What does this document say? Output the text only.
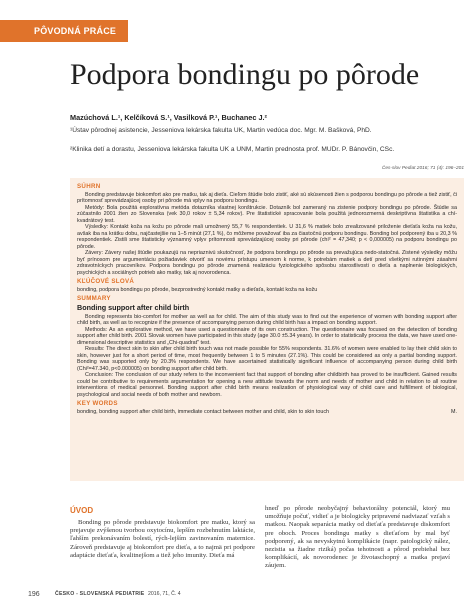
PÔVODNÁ PRÁCE
Podpora bondingu po pôrode
Mazúchová L.¹, Kelčíková S.¹, Vasilková P.¹, Buchanec J.²
¹Ústav pôrodnej asistencie, Jesseniova lekárska fakulta UK, Martin vedúca doc. Mgr. M. Bašková, PhD.
²Klinika detí a dorastu, Jesseniova lekárska fakulta UK a UNM, Martin prednosta prof. MUDr. P. Bánovčin, CSc.
Čes-slov Pediat 2016; 71 (4): 196–201
SÚHRN

Bonding predstavuje biokomfort ako pre matku, tak aj dieťa. Cieľom štúdie bolo zistiť, aké sú skúsenosti žien s podporou bondingu po pôrode a tiež zistiť, či prítomnosť sprevádzajúcej osoby pri pôrode má vplyv na podporu bondingu.

Metódy: Bola použitá exploratívna metóda dotazníka vlastnej konštrukcie. Dotazník bol zameraný na zistenie podpory bondingu po pôrode. Štúdie sa zúčastnilo 2001 žien zo Slovenska (vek 30,0 rokov ± 5,34 rokov). Pre štatistické spracovanie bola použitá jednorozmerná deskriptívna štatistika a chí-kvadrátový test.

Výsledky: Kontakt koža na kožu po pôrode mali umožnený 55,7 % respondentiek. U 31,6 % matiek bolo zrealizované priloženie dieťaťa koža na kožu, avšak iba na krátku dobu, najčastejšie na 1–5 minút (27,1 %), čo môžeme považovať iba za čiastočnú podporu bondingu. Bonding bol podporený iba u 20,3 % respondentiek. Zistili sme štatisticky významný vplyv prítomnosti sprevádzajúcej osoby pri pôrode (chí² = 47,340; p < 0,000005) na podporu bondingu po pôrode.

Závery: Závery našej štúdie poukazujú na nepriaznivú skutočnosť, že podpora bondingu po pôrode sa prevažujúca nedo-statočná. Zistené výsledky môžu byť prínosom pre argumentáciu požiadaviek otvoriť sa novému prístupu umenom k norme, k potrebám matiek a detí pred všetkými rutinnými zásahmi zdravotníckych pracovníkov. Podpora bondingu po pôrode znamená realizáciu fyziologického spôsobu starostlivosti o dieťa a naplnenie biologických, psychických a sociálnych potrieb ako matky, tak aj novorodenca.

KĽÚČOVÉ SLOVÁ

bonding, podpora bondingu po pôrode, bezprostredný kontakt matky a dieťaťa, kontakt koža na kožu

SUMMARY
Bonding support after child birth

Bonding represents bio-comfort for mother as well as for child. The aim of this study was to find out the experience of women with bonding support after child birth, as well as to recognize if the presence of accompanying person during child birth has a impact on bonding support.

Methods: As an explorative method, we have used a questionnaire of its own construction. The questionnaire was focused on the detection of bonding support after child birth. 2001 Slovak women have participated in this study (age 30.0 ±5.34 years). In order to statistically process the data, we have used one-dimensional descriptive statistics and „Chi-quadrat" test.

Results: The direct skin to skin after child birth touch was not made possible for 55% respondents. 31.6% of women were enabled to lay their child skin to skin, however just for a short period of time, most frequently between 1 to 5 minutes (27.1%). This could be considered as only a partial bonding support. Bonding was supported only by 20.3% respondents. We have ascertained statistically significant influence of accompanying person during child birth (Chi²=47.340, p<0.000005) on bonding support after child birth.

Conclusion: The conclusion of our study refers to the inconvenient fact that support of bonding after childbirth has proved to be insufficient. Gained results could be contributive to requirements argumentation for opening a new attitude towards the norm and needs of mother and child in relation to all routine interventions of medical personnel. Bonding support after child birth means realization of physiological way of child care and fulfillment of biological, psychological and social needs of both mother and newborn.

KEY WORDS
bonding, bonding support after child birth, immediate contact between mother and child, skin to skin touch	M.
ÚVOD

Bonding po pôrode predstavuje biokomfort pre matku, ktorý sa prejavuje zvýšenou tvorbou oxytocínu, lepším rozbehnutím laktácie, ľahším prekonávaním bolestí, rých-lejším zavinovaním maternice. Zároveň predstavuje aj biokomfort pre dieťa, a to najmä pri podpore adaptácie dieťaťa, kvalitnejšom a tiež jeho imunity. Dieťa má

hneď po pôrode neobyčajný behaviorálny potenciál, ktorý mu umožňuje počuť, vidieť a je biologicky pripravené nadviazať vzťah s matkou. Naopak separácia matky od dieťaťa predstavuje diskomfort pre oboch. Proces bondingu matky s dieťaťom by mal byť podporený, ak sa nevyskytnú komplikácie (napr. patologický nález, nezistia sa žiadne riziká) počas tehotnosti a pôrod prebiehal bez komplikácií, ak novorodenec je životaschopný a matka prejaví záujem.

196	ČESKO - SLOVENSKÁ PEDIATRIE 2016, 71, Č. 4
